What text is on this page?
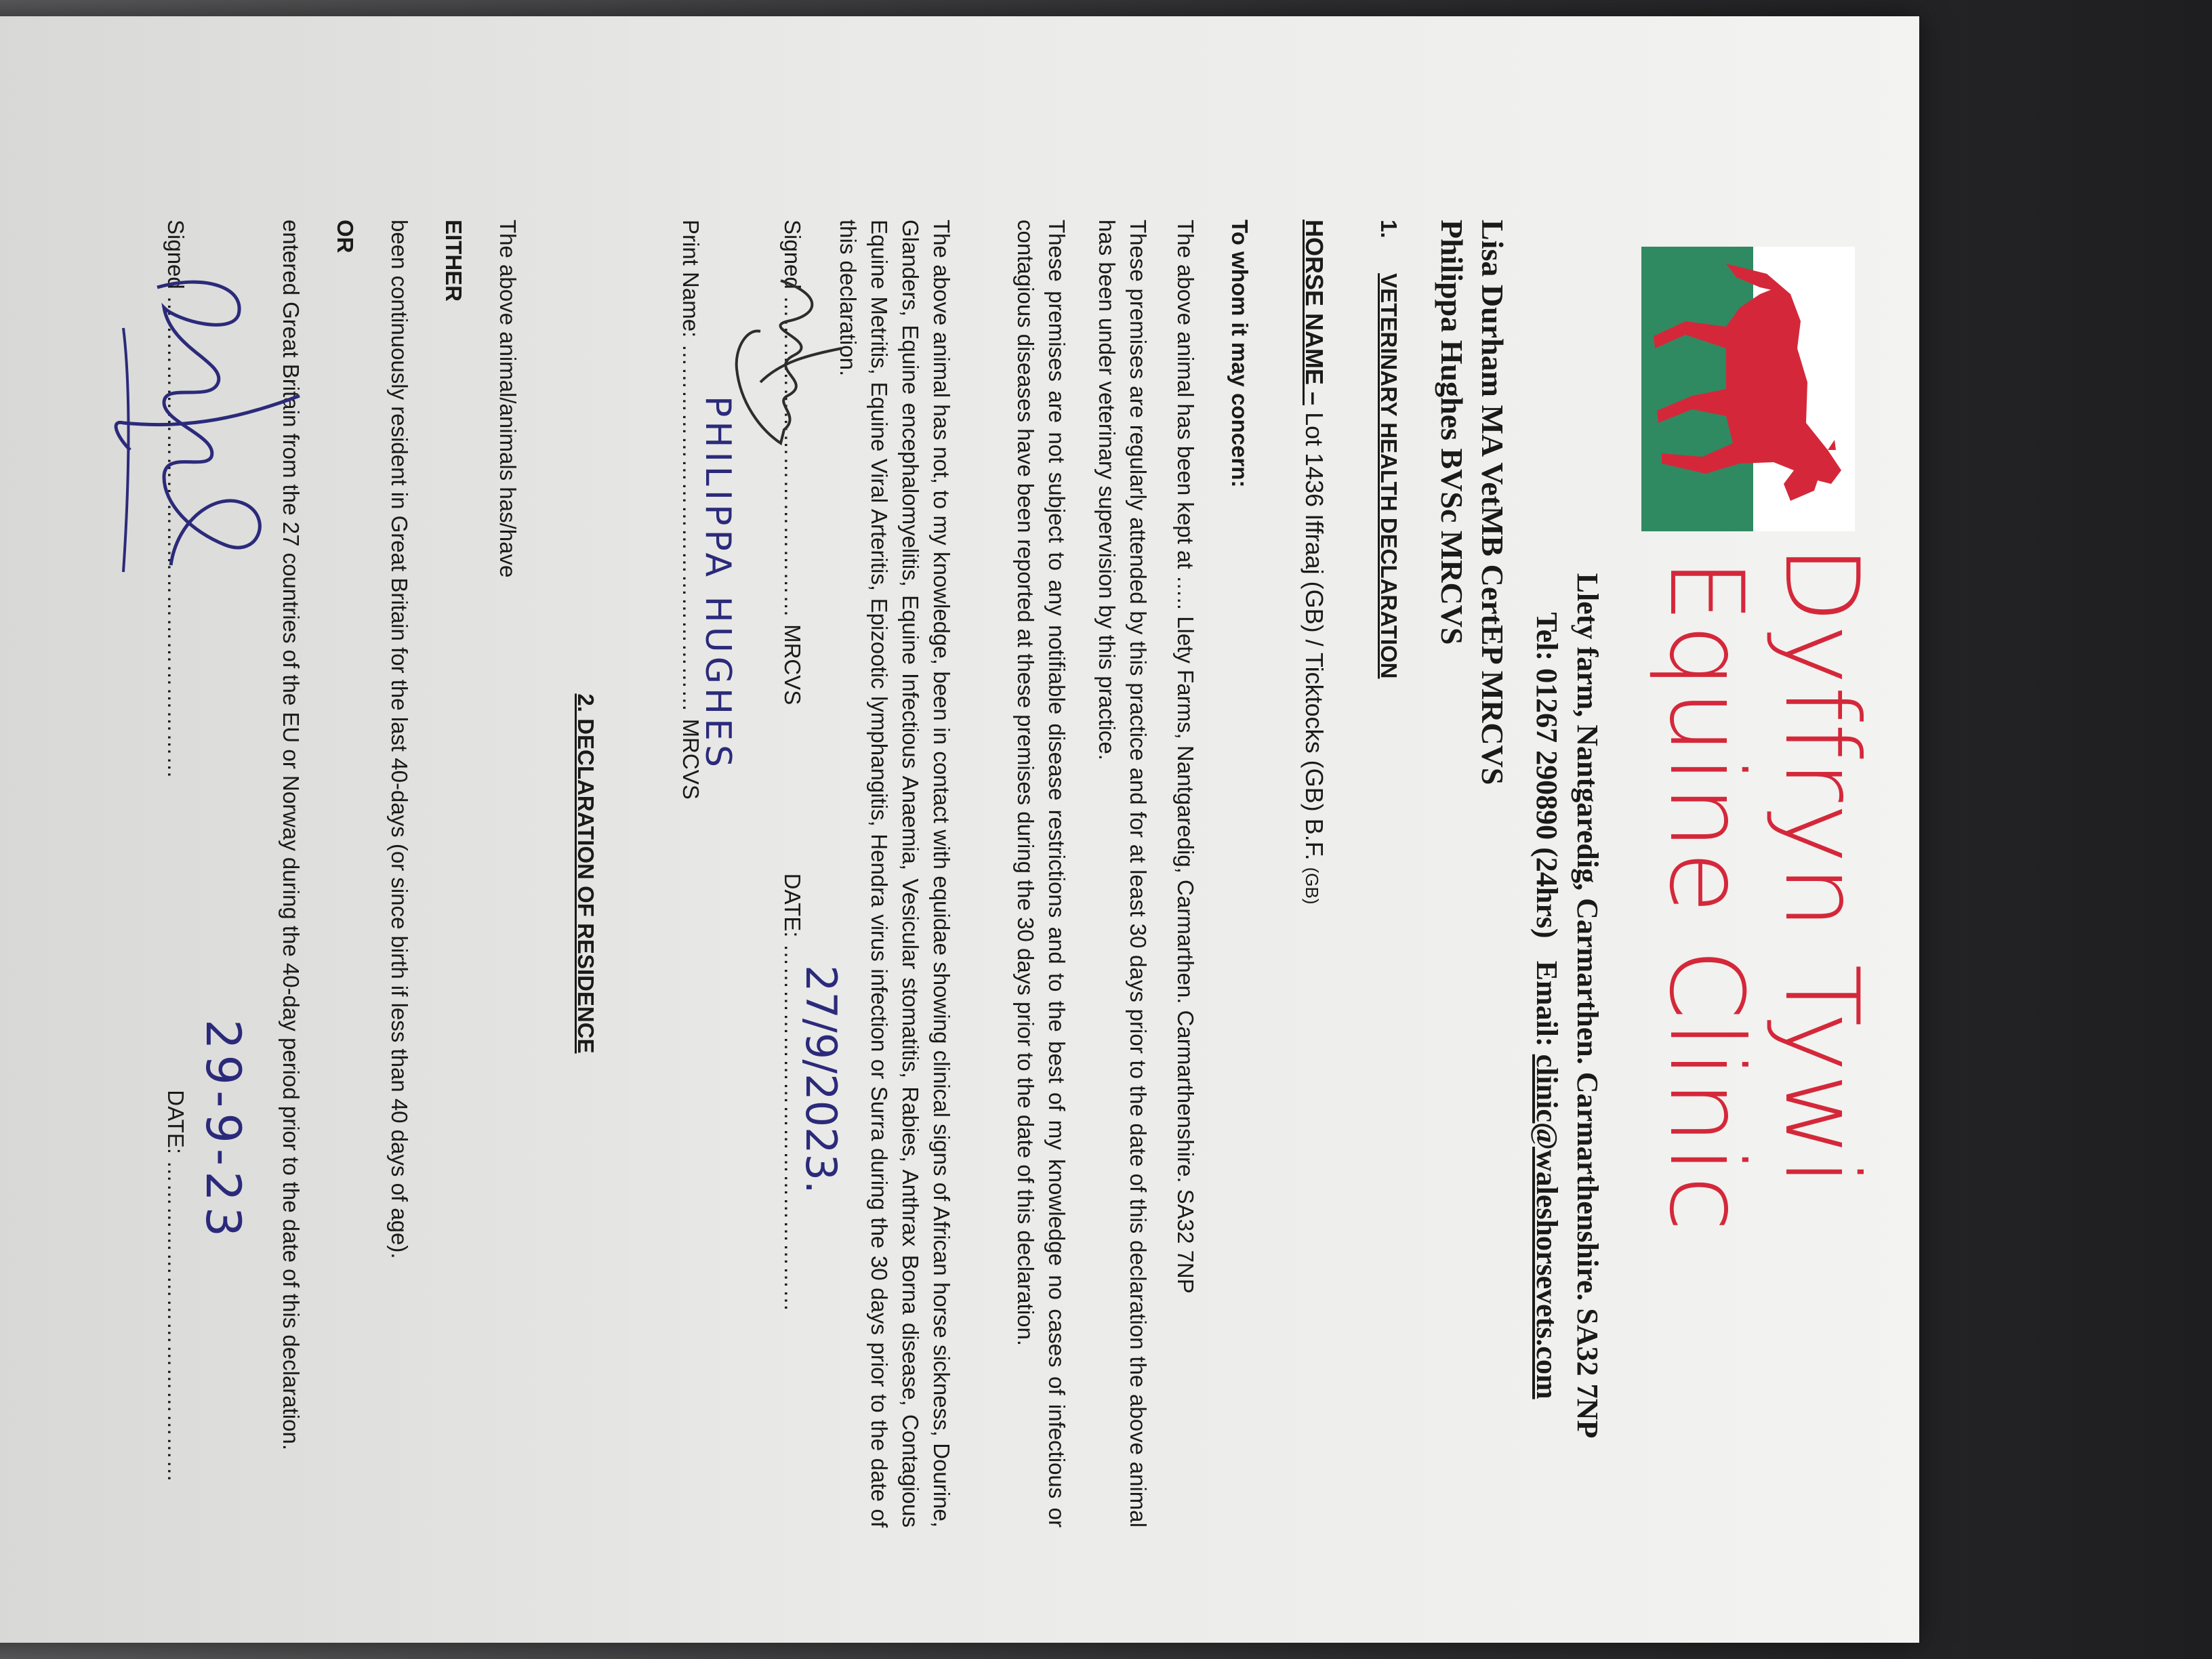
Dyffryn Tywi
Equine Clinic
Llety farm, Nantgaredig, Carmarthen. Carmarthenshire. SA32 7NP
Tel: 01267 290890 (24hrs)   Email: clinic@waleshorsevets.com
Lisa Durham MA VetMB CertEP MRCVS
Philippa Hughes BVSc MRCVS
1. VETERINARY HEALTH DECLARATION
HORSE NAME – Lot 1436 Iffraaj (GB) / Ticktocks (GB) B.F. (GB)
To whom it may concern:

The above animal has been kept at ….. Llety Farms, Nantgaredig, Carmarthen. Carmarthenshire. SA32 7NP

These premises are regularly attended by this practice and for at least 30 days prior to the date of this declaration the above animal has been under veterinary supervision by this practice.

These premises are not subject to any notifiable disease restrictions and to the best of my knowledge no cases of infectious or contagious diseases have been reported at these premises during the 30 days prior to the date of this declaration.

The above animal has not, to my knowledge, been in contact with equidae showing clinical signs of African horse sickness, Dourine, Glanders, Equine encephalomyelitis, Equine Infectious Anaemia, Vesicular stomatitis, Rabies, Anthrax Borna disease, Contagious Equine Metritis, Equine Viral Arteritis, Epizootic lymphangitis, Hendra virus infection or Surra during the 30 days prior to the date of this declaration.

Signed …………………………………… MRCVS  DATE: …………………………………………
27/9/2023.
Print Name: ………………………………………… MRCVS
PHILIPPA HUGHES
2. DECLARATION OF RESIDENCE

The above animal/animals has/have

EITHER

been continuously resident in Great Britain for the last 40-days (or since birth if less than 40 days of age).

OR

entered Great Britain from the 27 countries of the EU or Norway during the 40-day period prior to the date of this declaration.

Signed ………………………………………………………  DATE: ……………………………………
29-9-23
